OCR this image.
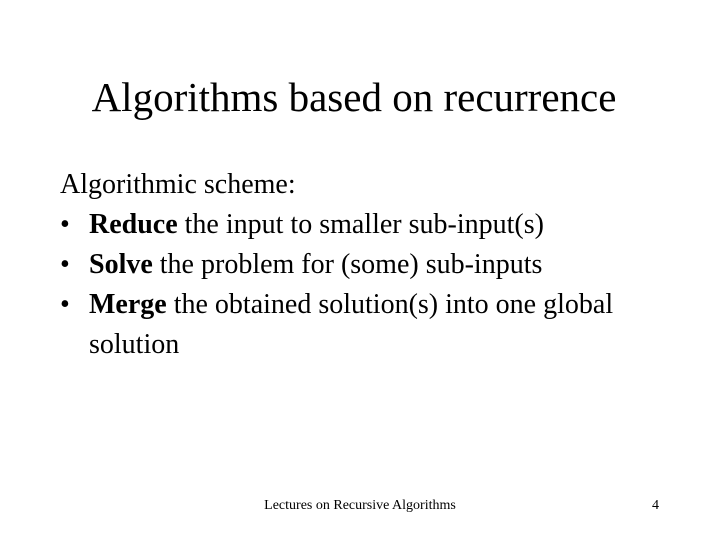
Algorithms based on recurrence
Algorithmic scheme:
• Reduce the input to smaller sub-input(s)
• Solve the problem for (some) sub-inputs
• Merge the obtained solution(s) into one global solution
Lectures on Recursive Algorithms	4
